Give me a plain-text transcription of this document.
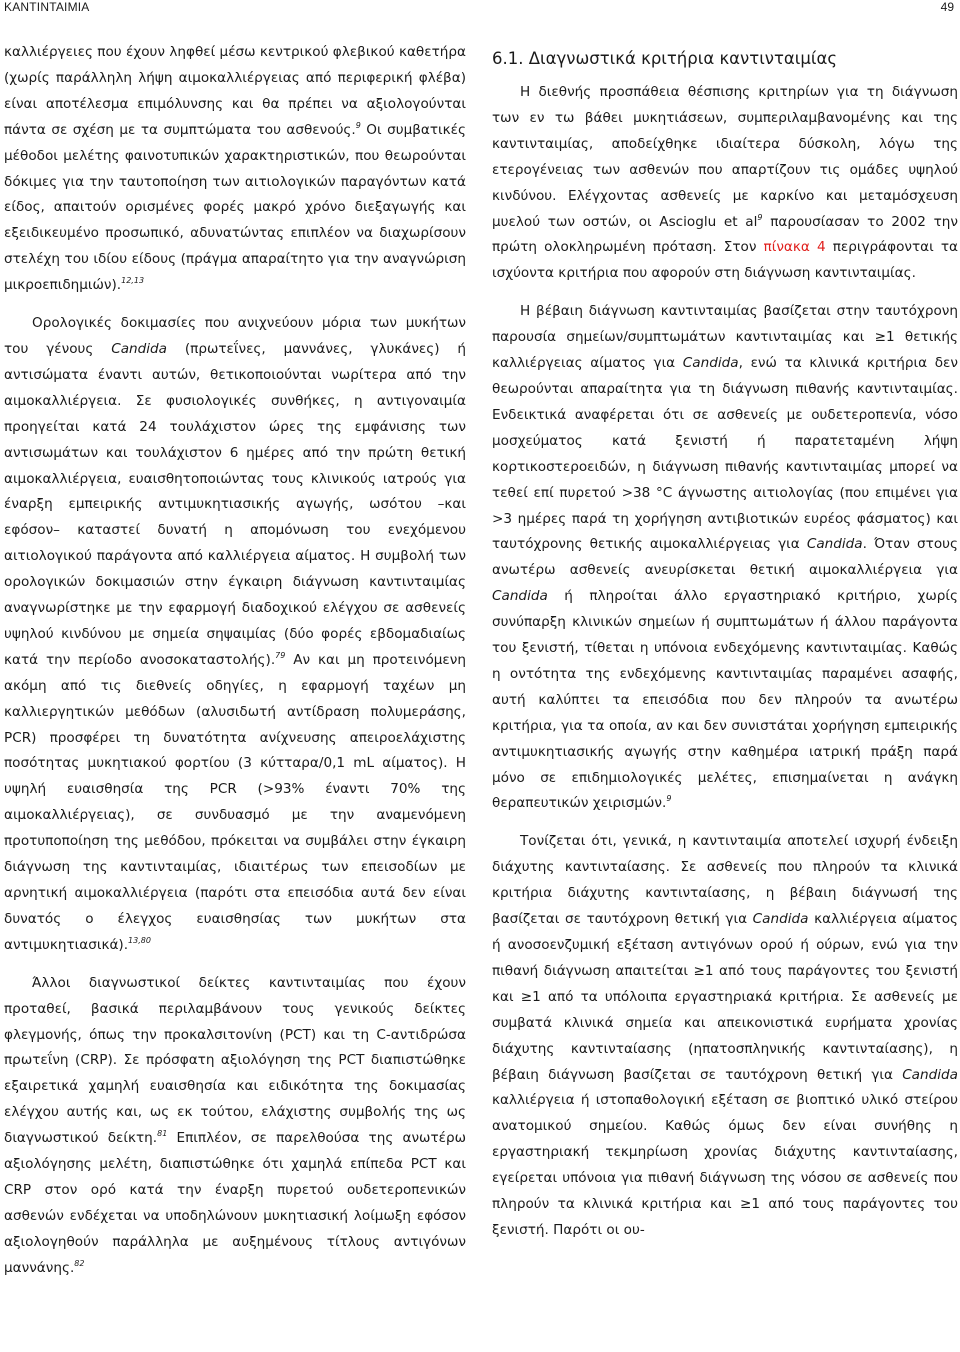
ΚΑΝΤΙΝΤΑΙΜΙΑ	49

καλλιέργειες που έχουν ληφθεί μέσω κεντρικού φλεβικού καθετήρα (χωρίς παράλληλη λήψη αιμοκαλλιέργειας από περιφερική φλέβα) είναι αποτέλεσμα επιμόλυνσης και θα πρέπει να αξιολογούνται πάντα σε σχέση με τα συμπτώματα του ασθενούς.$^9$ Οι συμβατικές μέθοδοι μελέτης φαινοτυπικών χαρακτηριστικών, που θεωρούνται δόκιμες για την ταυτοποίηση των αιτιολογικών παραγόντων κατά είδος, απαιτούν ορισμένες φορές μακρό χρόνο διεξαγωγής και εξειδικευμένο προσωπικό, αδυνατώντας επιπλέον να διαχωρίσουν στελέχη του ιδίου είδους (πράγμα απαραίτητο για την αναγνώριση μικροεπιδημιών).$^{12,13}$

Ορολογικές δοκιμασίες που ανιχνεύουν μόρια των μυκήτων του γένους Candida (πρωτεΐνες, μαννάνες, γλυκάνες) ή αντισώματα έναντι αυτών, θετικοποιούνται νωρίτερα από την αιμοκαλλιέργεια. Σε φυσιολογικές συνθήκες, η αντιγοναιμία προηγείται κατά 24 τουλάχιστον ώρες της εμφάνισης των αντισωμάτων και τουλάχιστον 6 ημέρες από την πρώτη θετική αιμοκαλλιέργεια, ευαισθητοποιώντας τους κλινικούς ιατρούς για έναρξη εμπειρικής αντιμυκητιασικής αγωγής, ωσότου –και εφόσον– καταστεί δυνατή η απομόνωση του ενεχόμενου αιτιολογικού παράγοντα από καλλιέργεια αίματος. Η συμβολή των ορολογικών δοκιμασιών στην έγκαιρη διάγνωση καντινταιμίας αναγνωρίστηκε με την εφαρμογή διαδοχικού ελέγχου σε ασθενείς υψηλού κινδύνου με σημεία σηψαιμίας (δύο φορές εβδομαδιαίως κατά την περίοδο ανοσοκαταστολής).$^{79}$ Αν και μη προτεινόμενη ακόμη από τις διεθνείς οδηγίες, η εφαρμογή ταχέων μη καλλιεργητικών μεθόδων (αλυσιδωτή αντίδραση πολυμεράσης, PCR) προσφέρει τη δυνατότητα ανίχνευσης απειροελάχιστης ποσότητας μυκητιακού φορτίου (3 κύτταρα/0,1 mL αίματος). Η υψηλή ευαισθησία της PCR (>93% έναντι 70% της αιμοκαλλιέργειας), σε συνδυασμό με την αναμενόμενη προτυποποίηση της μεθόδου, πρόκειται να συμβάλει στην έγκαιρη διάγνωση της καντινταιμίας, ιδιαιτέρως των επεισοδίων με αρνητική αιμοκαλλιέργεια (παρότι στα επεισόδια αυτά δεν είναι δυνατός ο έλεγχος ευαισθησίας των μυκήτων στα αντιμυκητιασικά).$^{13,80}$

Άλλοι διαγνωστικοί δείκτες καντινταιμίας που έχουν προταθεί, βασικά περιλαμβάνουν τους γενικούς δείκτες φλεγμονής, όπως την προκαλσιτονίνη (PCT) και τη C-αντιδρώσα πρωτεΐνη (CRP). Σε πρόσφατη αξιολόγηση της PCT διαπιστώθηκε εξαιρετικά χαμηλή ευαισθησία και ειδικότητα της δοκιμασίας ελέγχου αυτής και, ως εκ τούτου, ελάχιστης συμβολής της ως διαγνωστικού δείκτη.$^{81}$ Επιπλέον, σε παρελθούσα της ανωτέρω αξιολόγησης μελέτη, διαπιστώθηκε ότι χαμηλά επίπεδα PCT και CRP στον ορό κατά την έναρξη πυρετού ουδετεροπενικών ασθενών ενδέχεται να υποδηλώνουν μυκητιασική λοίμωξη εφόσον αξιολογηθούν παράλληλα με αυξημένους τίτλους αντιγόνων μαννάνης.$^{82}$

6.1. Διαγνωστικά κριτήρια καντινταιμίας

Η διεθνής προσπάθεια θέσπισης κριτηρίων για τη διάγνωση των εν τω βάθει μυκητιάσεων, συμπεριλαμβανομένης και της καντινταιμίας, αποδείχθηκε ιδιαίτερα δύσκολη, λόγω της ετερογένειας των ασθενών που απαρτίζουν τις ομάδες υψηλού κινδύνου. Ελέγχοντας ασθενείς με καρκίνο και μεταμόσχευση μυελού των οστών, οι Ascioglu et $al^9$ παρουσίασαν το 2002 την πρώτη ολοκληρωμένη πρόταση. Στον πίνακα 4 περιγράφονται τα ισχύοντα κριτήρια που αφορούν στη διάγνωση καντινταιμίας.

Η βέβαιη διάγνωση καντινταιμίας βασίζεται στην ταυτόχρονη παρουσία σημείων/συμπτωμάτων καντινταιμίας και ≥1 θετικής καλλιέργειας αίματος για Candida, ενώ τα κλινικά κριτήρια δεν θεωρούνται απαραίτητα για τη διάγνωση πιθανής καντινταιμίας. Ενδεικτικά αναφέρεται ότι σε ασθενείς με ουδετεροπενία, νόσο μοσχεύματος κατά ξενιστή ή παρατεταμένη λήψη κορτικοστεροειδών, η διάγνωση πιθανής καντινταιμίας μπορεί να τεθεί επί πυρετού >38 °C άγνωστης αιτιολογίας (που επιμένει για >3 ημέρες παρά τη χορήγηση αντιβιοτικών ευρέος φάσματος) και ταυτόχρονης θετικής αιμοκαλλιέργειας για Candida. Όταν στους ανωτέρω ασθενείς ανευρίσκεται θετική αιμοκαλλιέργεια για Candida ή πληροίται άλλο εργαστηριακό κριτήριο, χωρίς συνύπαρξη κλινικών σημείων ή συμπτωμάτων ή άλλου παράγοντα του ξενιστή, τίθεται η υπόνοια ενδεχόμενης καντινταιμίας. Καθώς η οντότητα της ενδεχόμενης καντινταιμίας παραμένει ασαφής, αυτή καλύπτει τα επεισόδια που δεν πληρούν τα ανωτέρω κριτήρια, για τα οποία, αν και δεν συνιστάται χορήγηση εμπειρικής αντιμυκητιασικής αγωγής στην καθημέρα ιατρική πράξη παρά μόνο σε επιδημιολογικές μελέτες, επισημαίνεται η ανάγκη θεραπευτικών χειρισμών.$^9$

Τονίζεται ότι, γενικά, η καντινταιμία αποτελεί ισχυρή ένδειξη διάχυτης καντινταίασης. Σε ασθενείς που πληρούν τα κλινικά κριτήρια διάχυτης καντινταίασης, η βέβαιη διάγνωσή της βασίζεται σε ταυτόχρονη θετική για Candida καλλιέργεια αίματος ή ανοσοενζυμική εξέταση αντιγόνων ορού ή ούρων, ενώ για την πιθανή διάγνωση απαιτείται ≥1 από τους παράγοντες του ξενιστή και ≥1 από τα υπόλοιπα εργαστηριακά κριτήρια. Σε ασθενείς με συμβατά κλινικά σημεία και απεικονιστικά ευρήματα χρονίας διάχυτης καντινταίασης (ηπατοσπληνικής καντινταίασης), η βέβαιη διάγνωση βασίζεται σε ταυτόχρονη θετική για Candida καλλιέργεια ή ιστοπαθολογική εξέταση σε βιοπτικό υλικό στείρου ανατομικού σημείου. Καθώς όμως δεν είναι συνήθης η εργαστηριακή τεκμηρίωση χρονίας διάχυτης καντινταίασης, εγείρεται υπόνοια για πιθανή διάγνωση της νόσου σε ασθενείς που πληρούν τα κλινικά κριτήρια και ≥1 από τους παράγοντες του ξενιστή. Παρότι οι ου-
